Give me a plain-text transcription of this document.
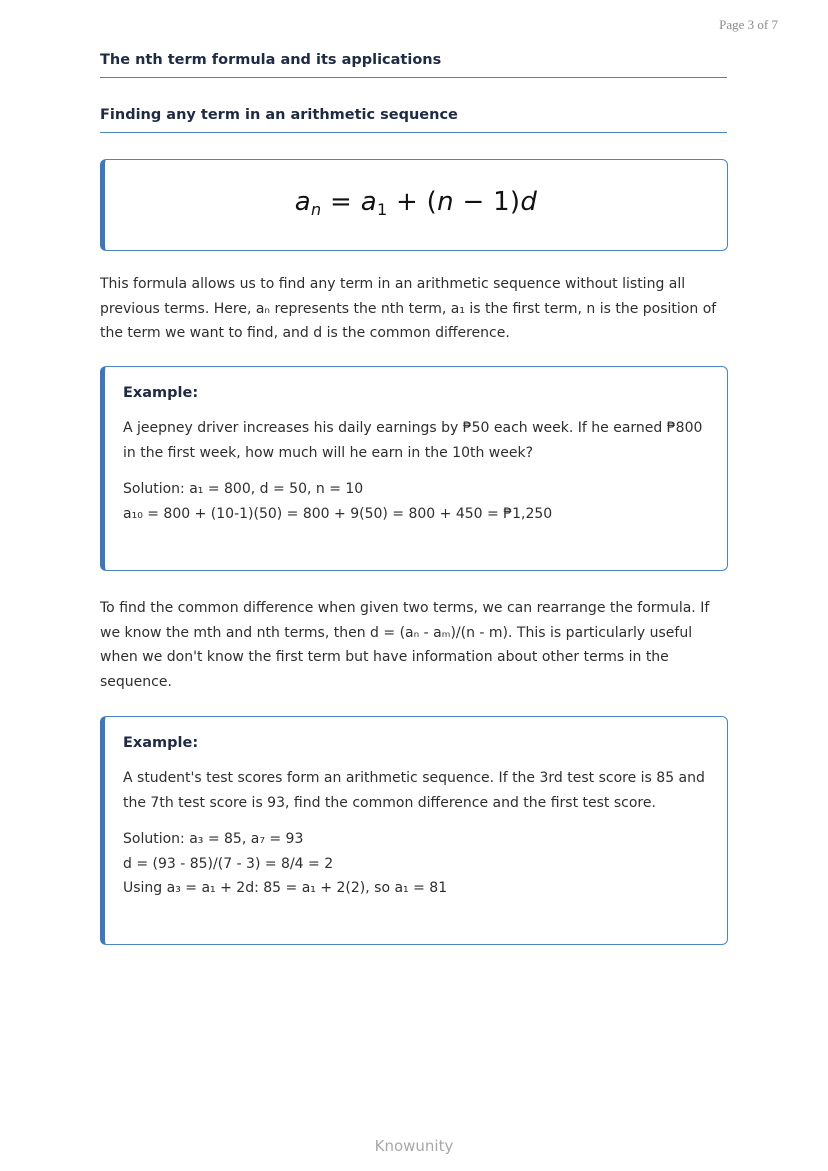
Page 3 of 7
The nth term formula and its applications
Finding any term in an arithmetic sequence
$a_n = a_1 + (n - 1)d$
This formula allows us to find any term in an arithmetic sequence without listing all previous terms. Here, aₙ represents the nth term, a₁ is the first term, n is the position of the term we want to find, and d is the common difference.
Example:
A jeepney driver increases his daily earnings by ₱50 each week. If he earned ₱800 in the first week, how much will he earn in the 10th week?
Solution: a₁ = 800, d = 50, n = 10
a₁₀ = 800 + (10-1)(50) = 800 + 9(50) = 800 + 450 = ₱1,250
To find the common difference when given two terms, we can rearrange the formula. If we know the mth and nth terms, then d = (aₙ - aₘ)/(n - m). This is particularly useful when we don't know the first term but have information about other terms in the sequence.
Example:
A student's test scores form an arithmetic sequence. If the 3rd test score is 85 and the 7th test score is 93, find the common difference and the first test score.
Solution: a₃ = 85, a₇ = 93
d = (93 - 85)/(7 - 3) = 8/4 = 2
Using a₃ = a₁ + 2d: 85 = a₁ + 2(2), so a₁ = 81
Knowunity
